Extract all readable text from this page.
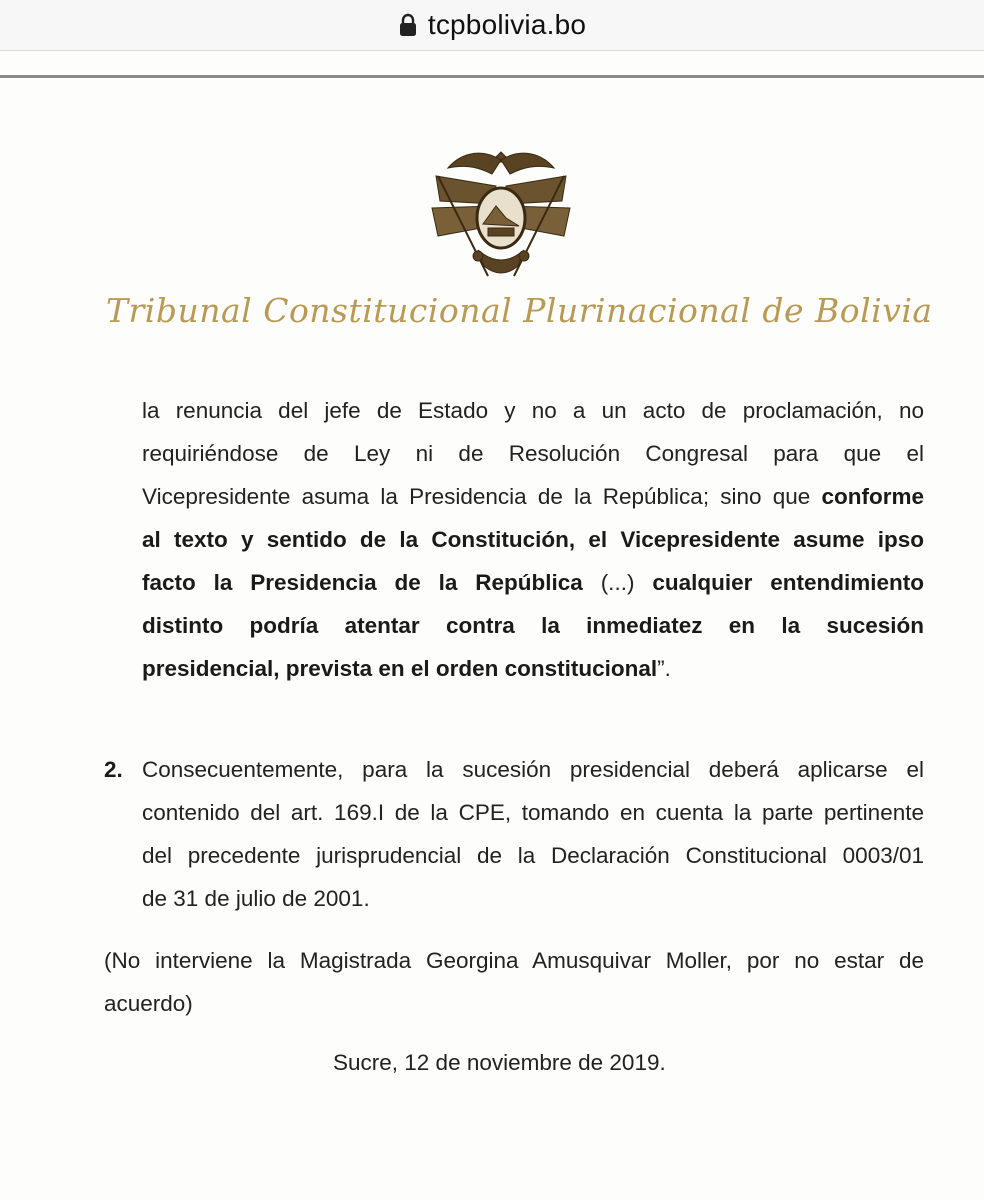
tcpbolivia.bo
Tribunal Constitucional Plurinacional de Bolivia
la renuncia del jefe de Estado y no a un acto de proclamación, no
requiriéndose de Ley ni de Resolución Congresal para que el
Vicepresidente asuma la Presidencia de la República; sino que conforme
al texto y sentido de la Constitución, el Vicepresidente asume ipso
facto la Presidencia de la República (...) cualquier entendimiento
distinto podría atentar contra la inmediatez en la sucesión
presidencial, prevista en el orden constitucional”.
2. Consecuentemente, para la sucesión presidencial deberá aplicarse el
contenido del art. 169.I de la CPE, tomando en cuenta la parte pertinente
del precedente jurisprudencial de la Declaración Constitucional 0003/01
de 31 de julio de 2001.
(No interviene la Magistrada Georgina Amusquivar Moller, por no estar de
acuerdo)
Sucre, 12 de noviembre de 2019.
